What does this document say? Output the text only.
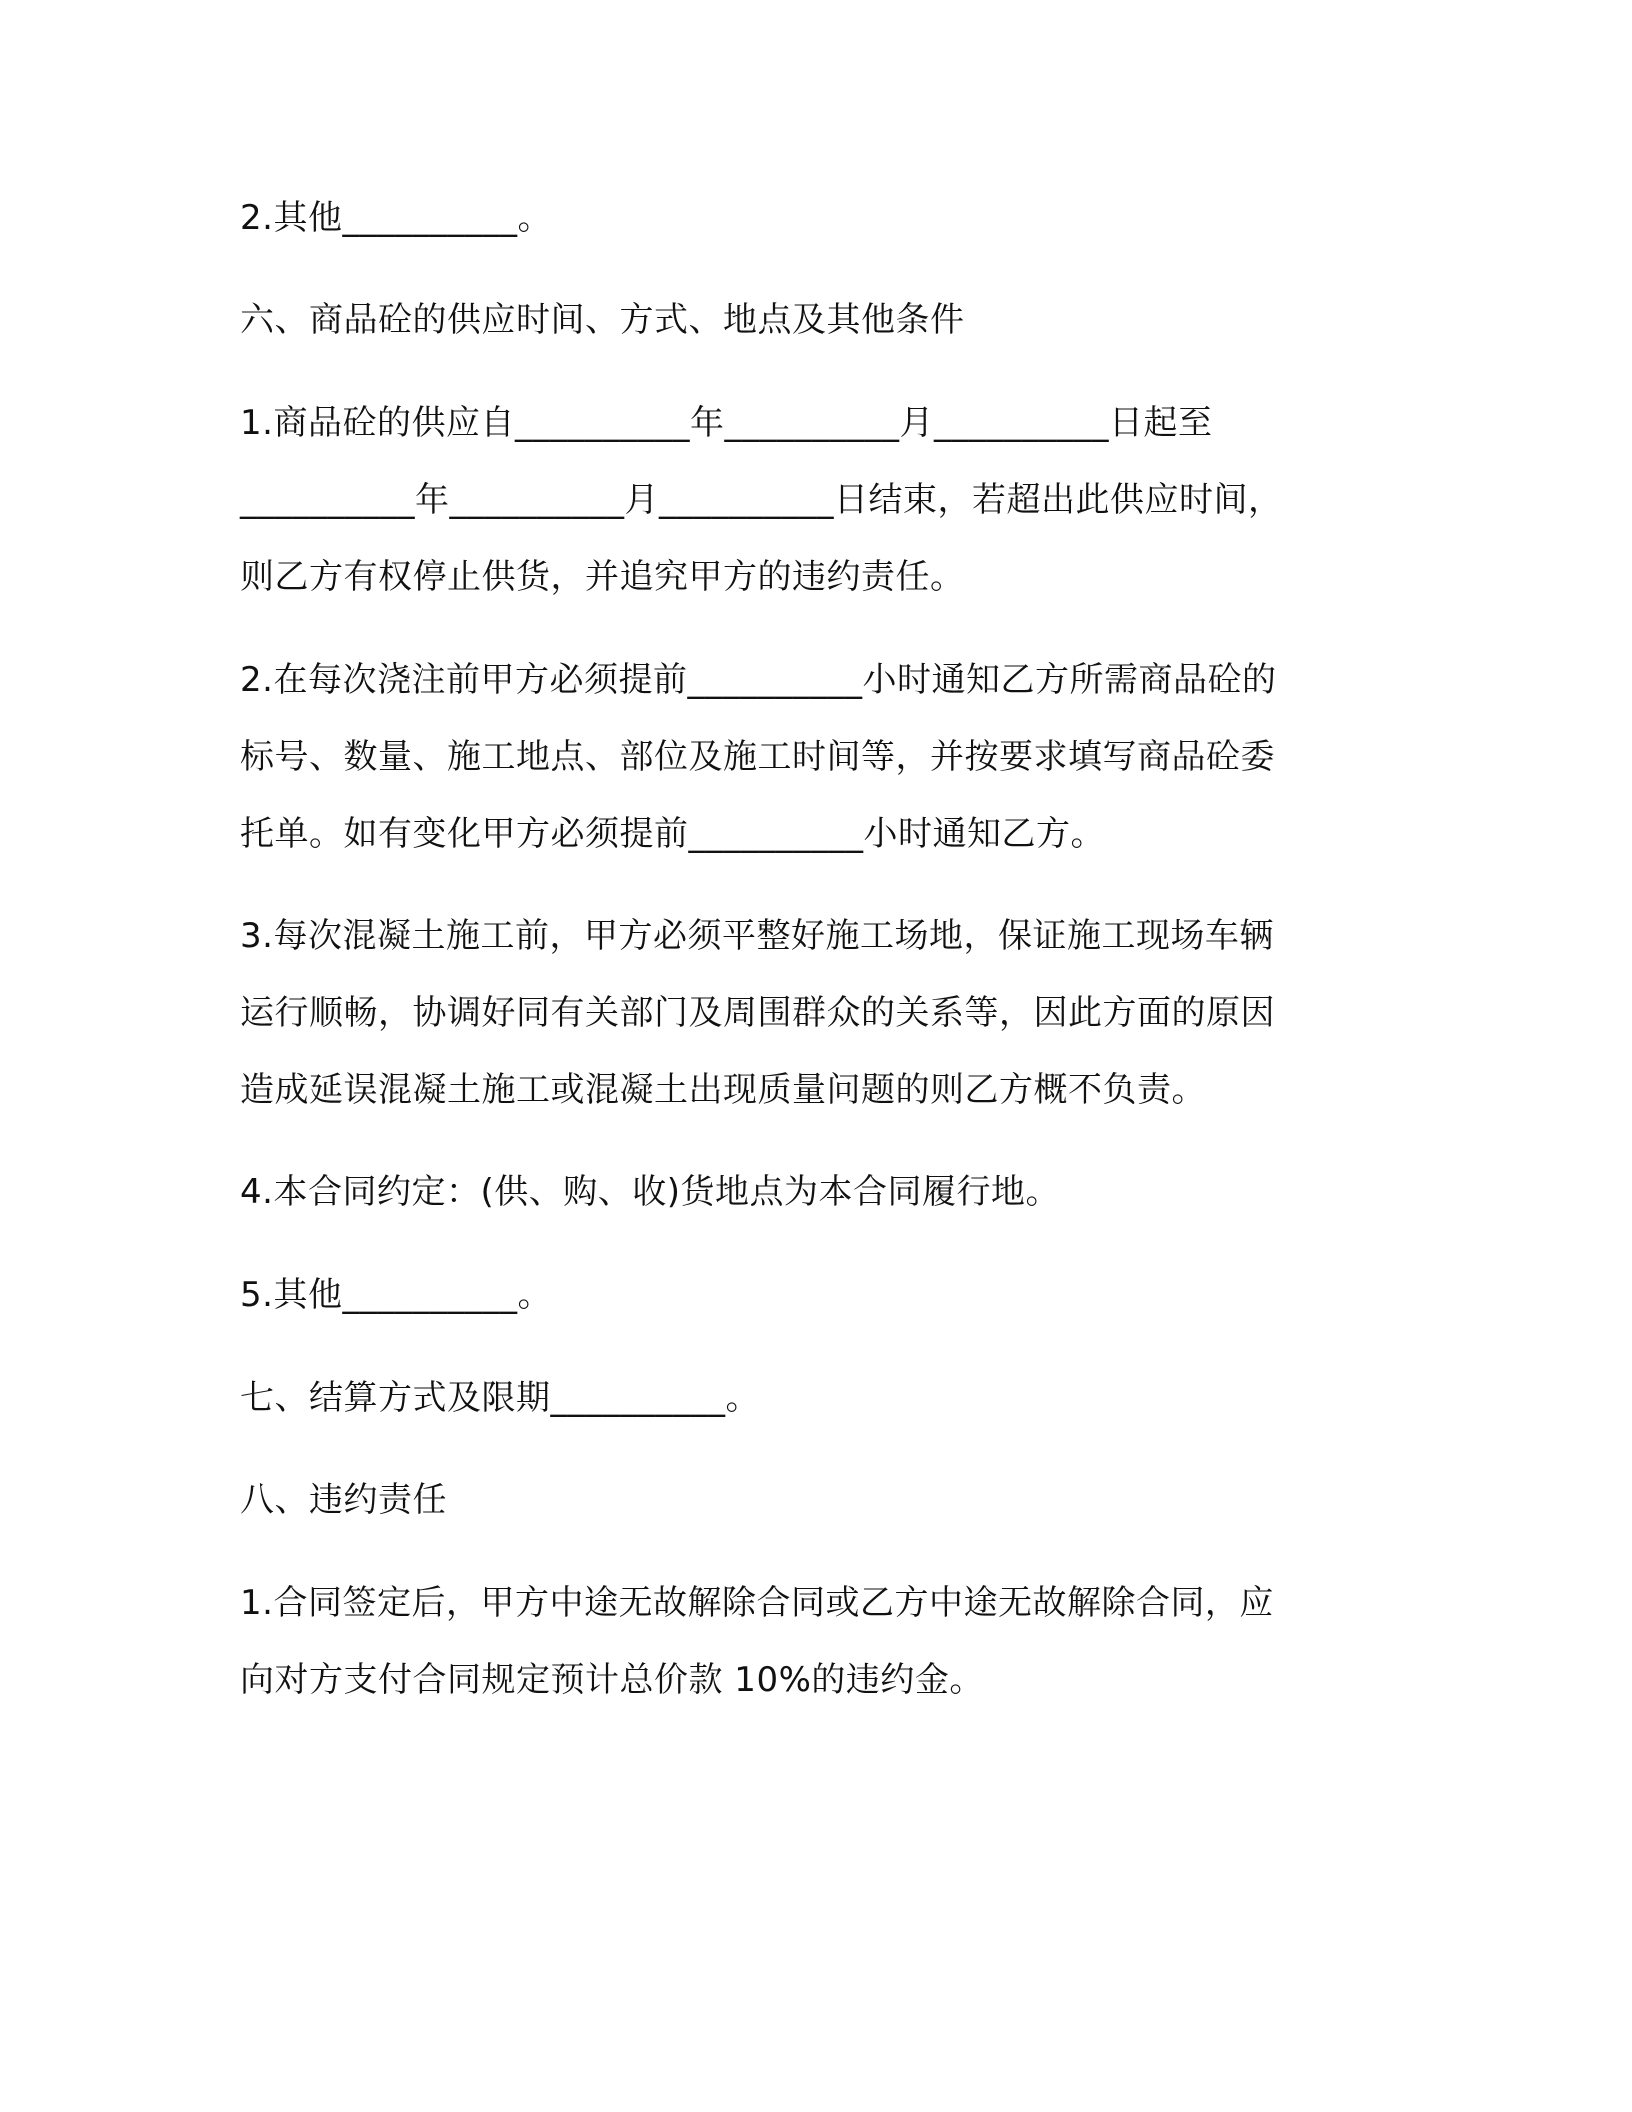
2.其他__________。
六、商品砼的供应时间、方式、地点及其他条件
1.商品砼的供应自__________年__________月__________日起至
__________年__________月__________日结束，若超出此供应时间，
则乙方有权停止供货，并追究甲方的违约责任。
2.在每次浇注前甲方必须提前__________小时通知乙方所需商品砼的
标号、数量、施工地点、部位及施工时间等，并按要求填写商品砼委
托单。如有变化甲方必须提前__________小时通知乙方。
3.每次混凝土施工前，甲方必须平整好施工场地，保证施工现场车辆
运行顺畅，协调好同有关部门及周围群众的关系等，因此方面的原因
造成延误混凝土施工或混凝土出现质量问题的则乙方概不负责。
4.本合同约定：(供、购、收)货地点为本合同履行地。
5.其他__________。
七、结算方式及限期__________。
八、违约责任
1.合同签定后，甲方中途无故解除合同或乙方中途无故解除合同，应
向对方支付合同规定预计总价款 10%的违约金。
